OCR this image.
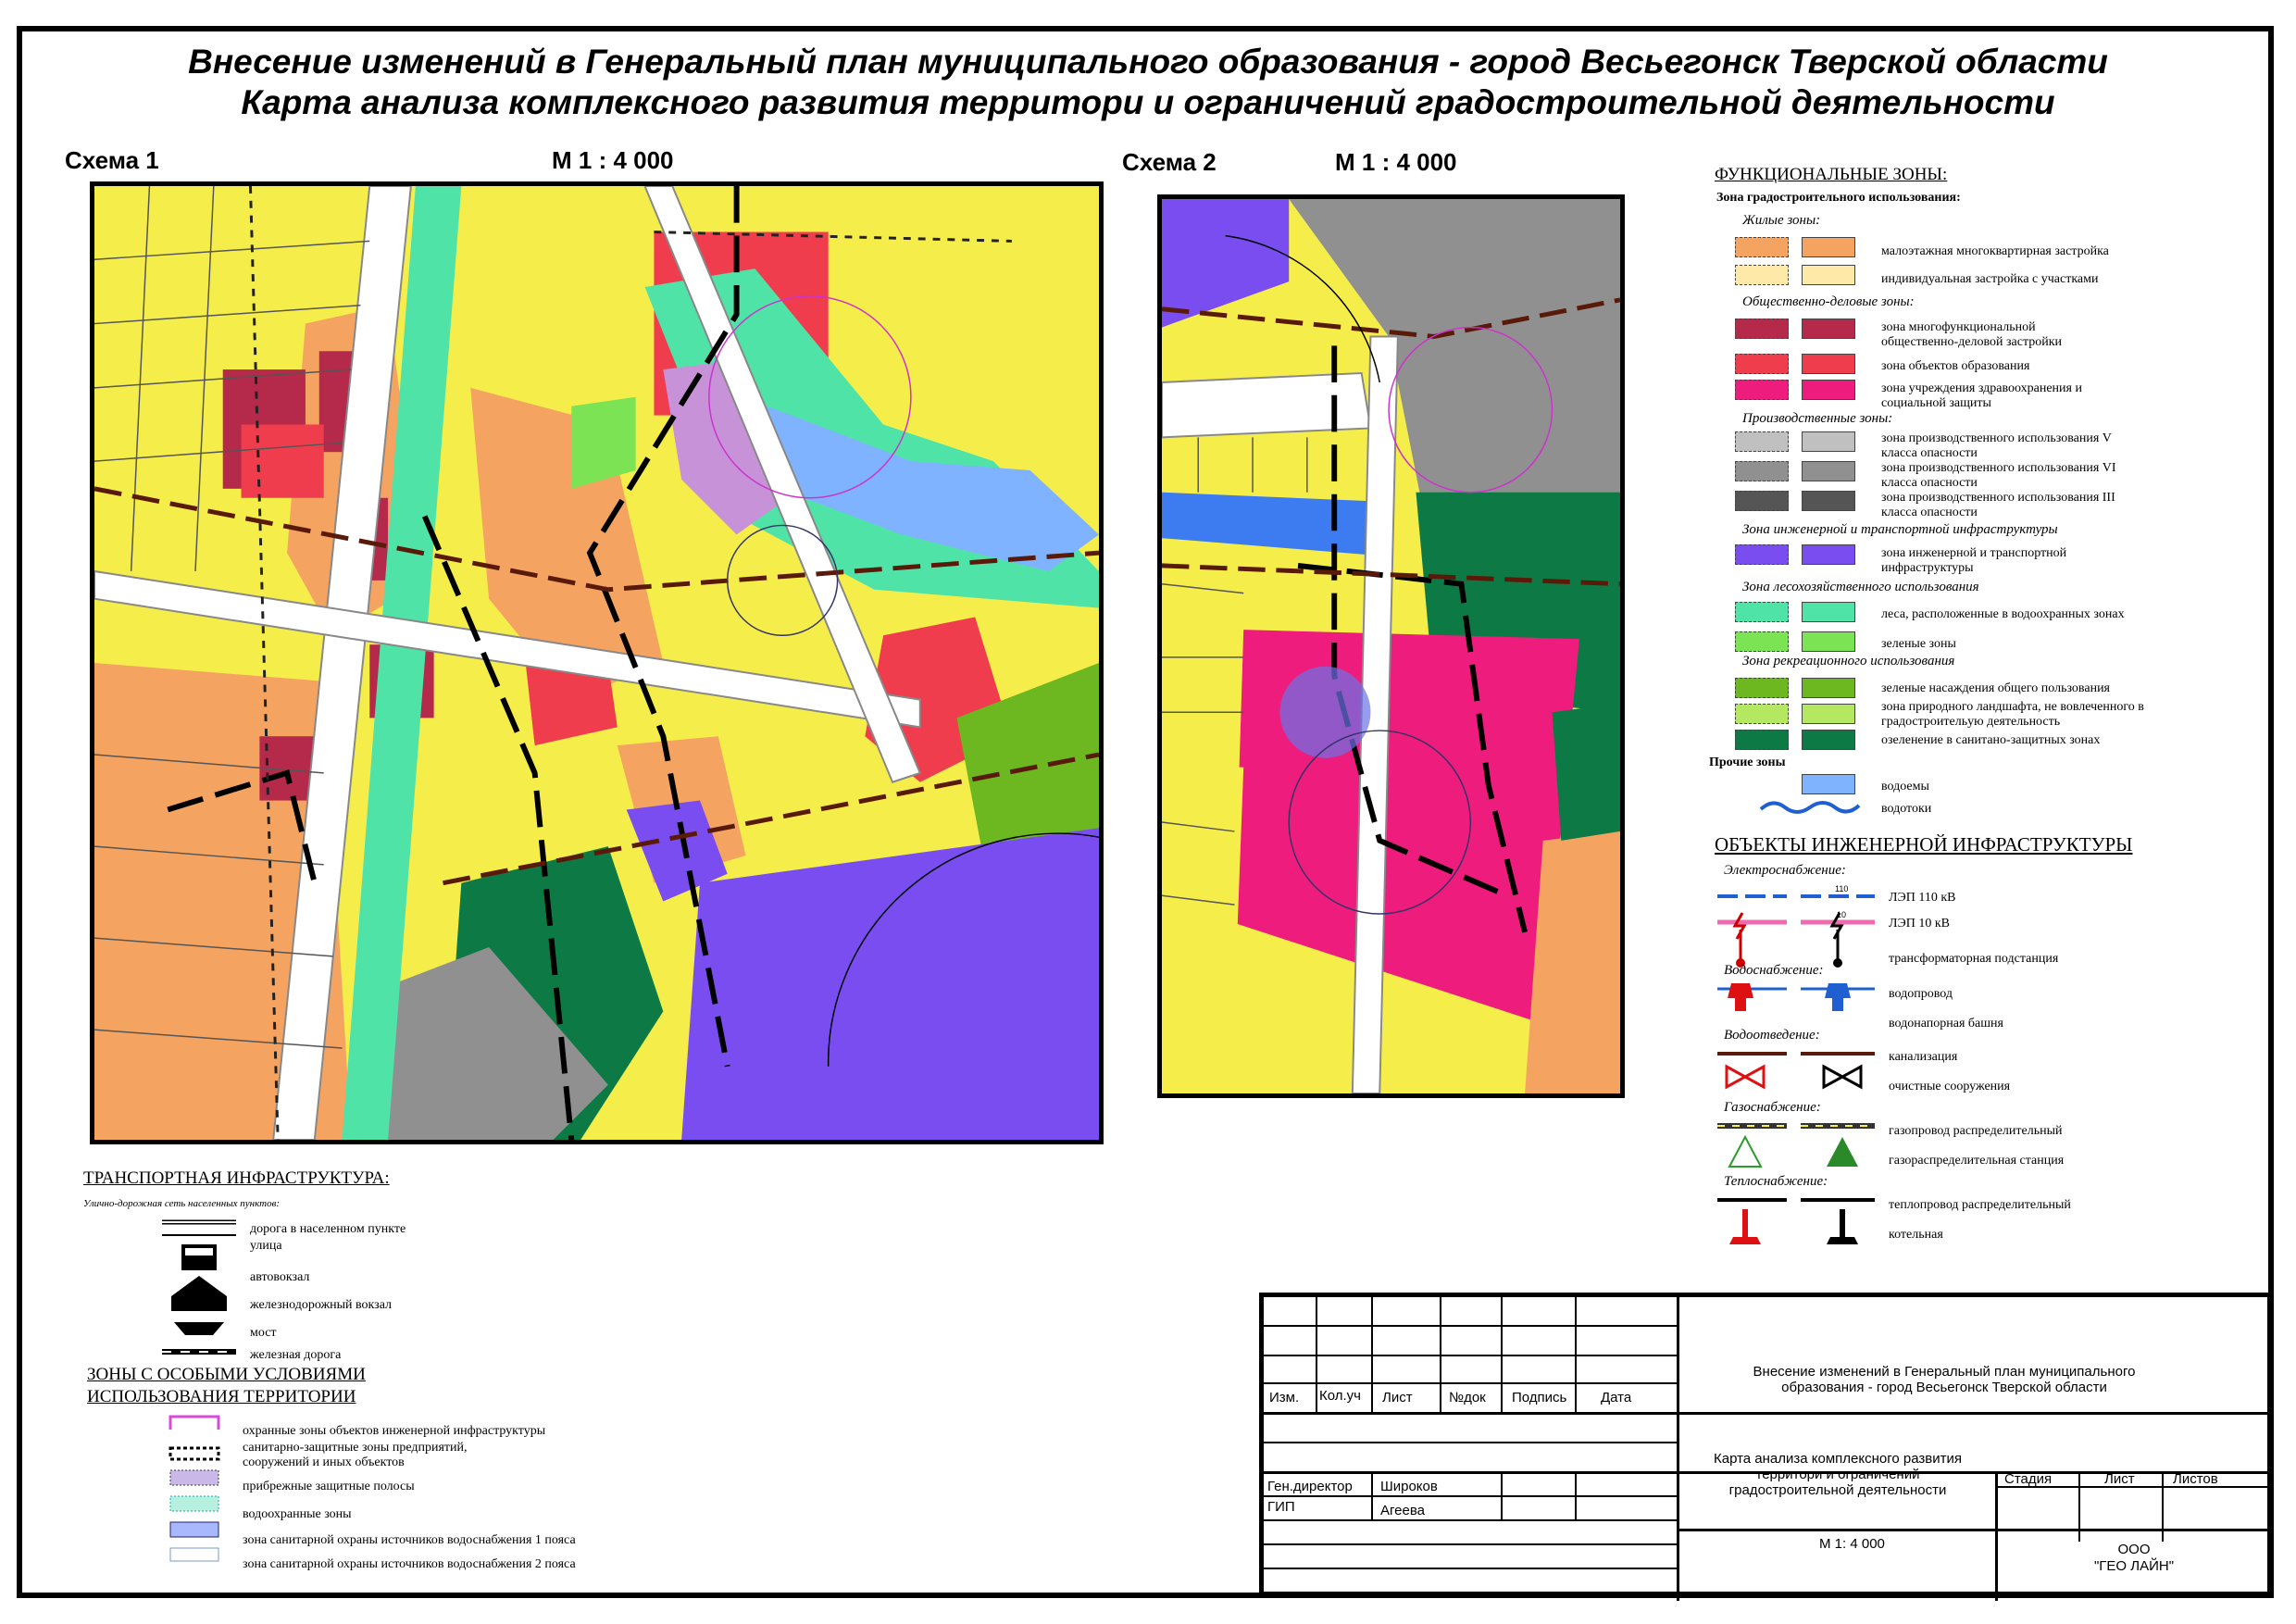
Внесение изменений в Генеральный план муниципального образования - город Весьегонск Тверской области
Карта анализа комплексного развития территори и ограничений градостроительной деятельности
Схема 1	М 1 : 4 000	Схема 2	М 1 : 4 000	ФУНКЦИОНАЛЬНЫЕ ЗОНЫ:
Зона градостроительного использования:
Жилые зоны:
малоэтажная многоквартирная застройка
индивидуальная застройка с участками
Общественно-деловые зоны:
зона многофункциональной общественно-деловой застройки
зона объектов образования
зона учреждения здравоохранения и социальной защиты
Производственные зоны:
зона производственного использования V класса опасности
зона производственного использования VI класса опасности
зона производственного использования III класса опасности
Зона инженерной и транспортной инфраструктуры
зона инженерной и транспортной инфраструктуры
Зона лесохозяйственного использования
леса, расположенные в водоохранных зонах
зеленые зоны
Зона рекреационного использования
зеленые насаждения общего пользования
зона природного ландшафта, не вовлеченного в градостроительую деятельность
озеленение в санитано-защитных зонах
Прочие зоны
водоемы
водотоки
ОБЪЕКТЫ ИНЖЕНЕРНОЙ ИНФРАСТРУКТУРЫ
Электроснабжение:
110
10
ЛЭП 110 кВ
ЛЭП 10 кВ
трансформаторная подстанция
Водоснабжение:
водопровод
водонапорная башня
Водоотведение:
канализация
очистные сооружения
Газоснабжение:
газопровод распределительный
газораспределительная станция
Теплоснабжение:
теплопровод распределительный
котельная
ТРАНСПОРТНАЯ ИНФРАСТРУКТУРА:
Улично-дорожная сеть населенных пунктов:
дорога в населенном пункте
улица
автовокзал
железнодорожный вокзал
мост
железная дорога
ЗОНЫ С ОСОБЫМИ УСЛОВИЯМИ
ИСПОЛЬЗОВАНИЯ ТЕРРИТОРИИ
охранные зоны объектов инженерной инфраструктуры
санитарно-защитные зоны предприятий, сооружений и иных объектов
прибрежные защитные полосы
водоохранные зоны
зона санитарной охраны источников водоснабжения 1 пояса
зона санитарной охраны источников водоснабжения 2 пояса
Изм. Кол.уч Лист	№док Подпись Дата
Внесение изменений в Генеральный план муниципального образования - город Весьегонск Тверской области
Карта анализа комплексного развития территори и ограничений градостроительной деятельности
Стадия	Лист	Листов
Ген.директор Широков
ГИП	Агеева
М 1: 4 000	ООО
"ГЕО ЛАЙН"
